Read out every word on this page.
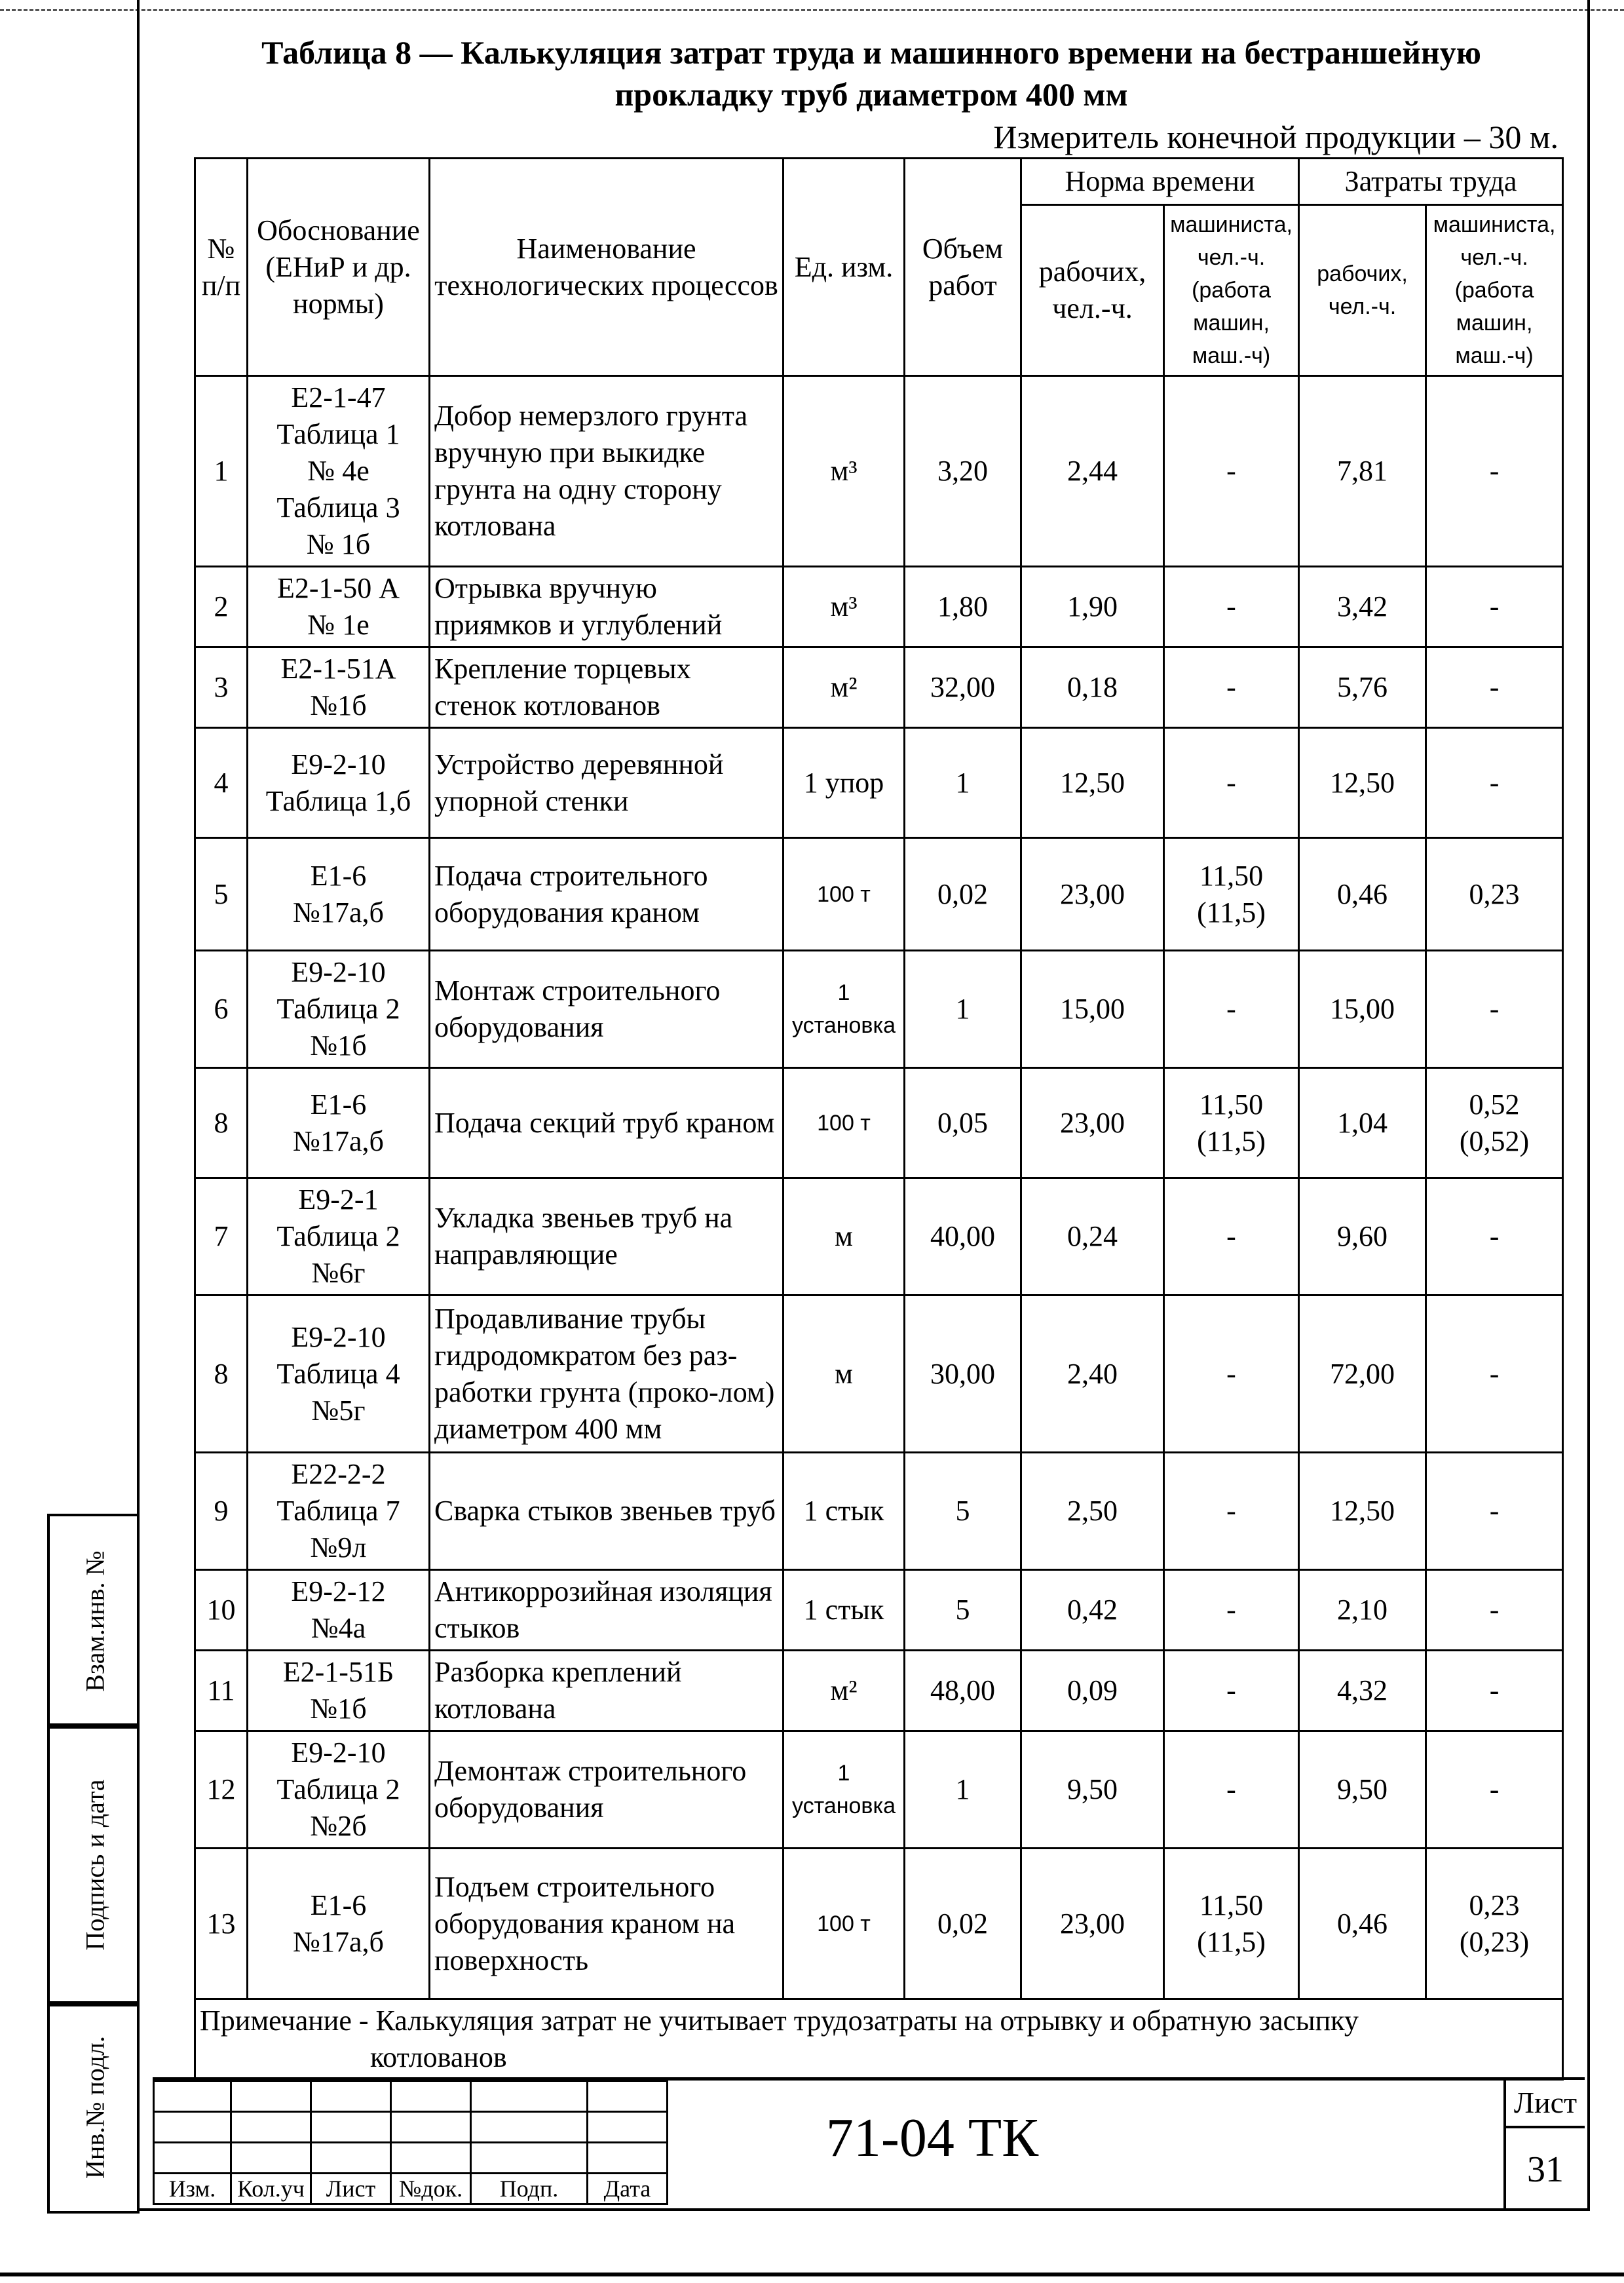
Таблица 8 — Калькуляция затрат труда и машинного времени на бестраншейную
прокладку труб диаметром 400 мм
Измеритель конечной продукции – 30 м.
№ п/п	Обоснование (ЕНиР и др. нормы)	Наименование технологических процессов	Ед. изм.	Объем работ	Норма времени		Затраты труда	
					рабочих, чел.-ч.	машиниста, чел.-ч. (работа машин, маш.-ч)	рабочих, чел.-ч.	машиниста, чел.-ч. (работа машин, маш.-ч)
1	Е2-1-47
Таблица 1
№ 4е
Таблица 3
№ 1б	Добор немерзлого грунта вручную при выкидке грунта на одну сторону котлована	м³	3,20	2,44	-	7,81	-
2	Е2-1-50 А
№ 1е	Отрывка вручную приямков и углублений	м³	1,80	1,90	-	3,42	-
3	Е2-1-51А
№1б	Крепление торцевых стенок котлованов	м²	32,00	0,18	-	5,76	-
4	Е9-2-10
Таблица 1,б	Устройство деревянной упорной стенки	1 упор	1	12,50	-	12,50	-
5	Е1-6
№17а,б	Подача строительного оборудования краном	100 т	0,02	23,00	11,50
(11,5)	0,46	0,23
6	Е9-2-10
Таблица 2
№1б	Монтаж строительного оборудования	1 установка	1	15,00	-	15,00	-
8	Е1-6
№17а,б	Подача секций труб краном	100 т	0,05	23,00	11,50
(11,5)	1,04	0,52
(0,52)
7	Е9-2-1
Таблица 2
№6г	Укладка звеньев труб на направляющие	м	40,00	0,24	-	9,60	-
8	Е9-2-10
Таблица 4
№5г	Продавливание трубы гидродомкратом без раз-работки грунта (проко-лом) диаметром 400 мм	м	30,00	2,40	-	72,00	-
9	Е22-2-2
Таблица 7
№9л	Сварка стыков звеньев труб	1 стык	5	2,50	-	12,50	-
10	Е9-2-12
№4а	Антикоррозийная изоляция стыков	1 стык	5	0,42	-	2,10	-
11	Е2-1-51Б
№1б	Разборка креплений котлована	м²	48,00	0,09	-	4,32	-
12	Е9-2-10
Таблица 2
№2б	Демонтаж строительного оборудования	1 установка	1	9,50	-	9,50	-
13	Е1-6
№17а,б	Подъем строительного оборудования краном на поверхность	100 т	0,02	23,00	11,50
(11,5)	0,46	0,23
(0,23)

Примечание - Калькуляция затрат не учитывает трудозатраты на отрывку и обратную засыпку
котлованов								
Взам.инв. №
Подпись и дата
Инв.№ подл.

Изм.	Кол.уч	Лист	№док.	Подп.	Дата
71-04 ТК
Лист
31
